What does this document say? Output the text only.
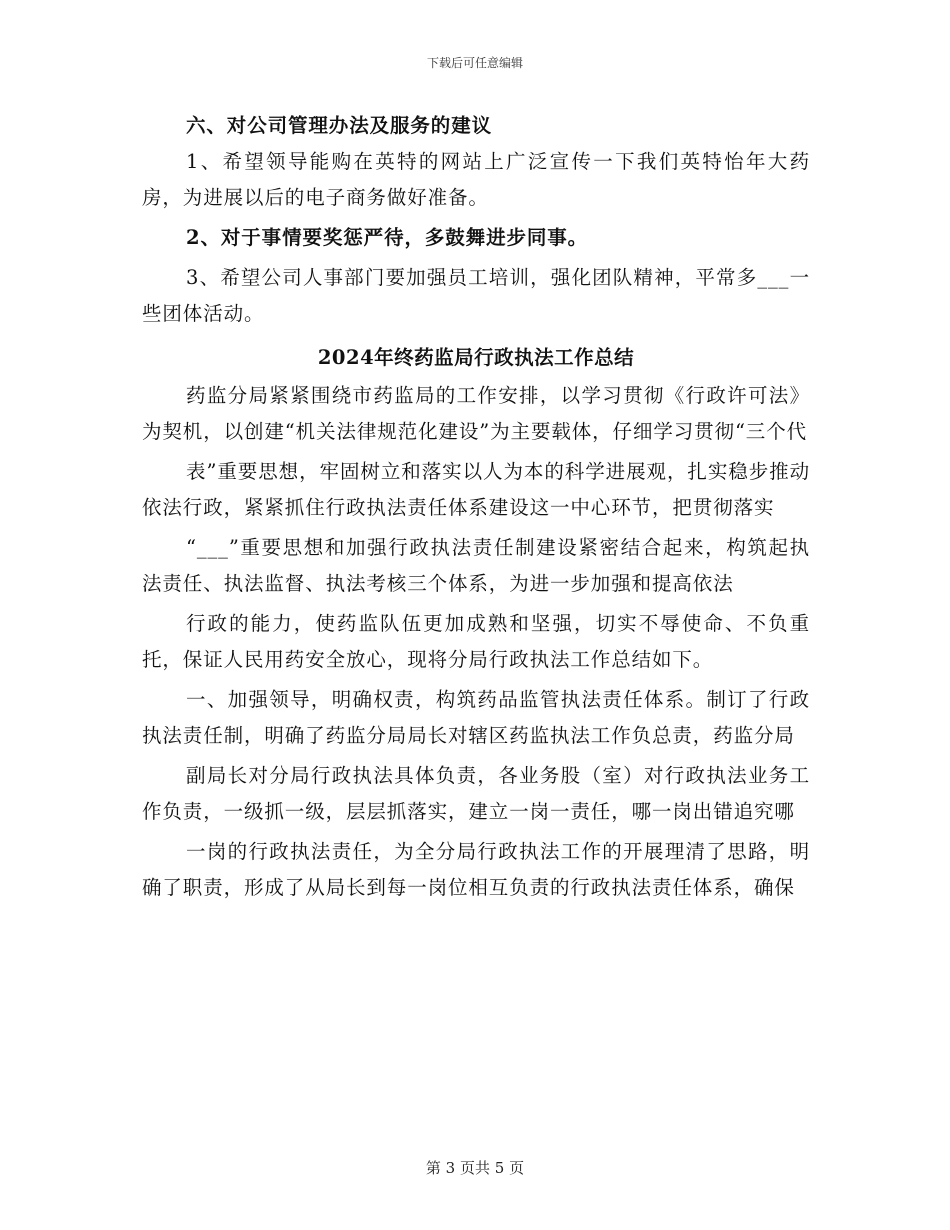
下载后可任意编辑

六、对公司管理办法及服务的建议

1、希望领导能购在英特的网站上广泛宣传一下我们英特怡年大药房，为进展以后的电子商务做好准备。

2、对于事情要奖惩严待，多鼓舞进步同事。

3、希望公司人事部门要加强员工培训，强化团队精神，平常多___一些团体活动。

2024年终药监局行政执法工作总结

药监分局紧紧围绕市药监局的工作安排，以学习贯彻《行政许可法》为契机，以创建“机关法律规范化建设”为主要载体，仔细学习贯彻“三个代

表”重要思想，牢固树立和落实以人为本的科学进展观，扎实稳步推动依法行政，紧紧抓住行政执法责任体系建设这一中心环节，把贯彻落实

“___”重要思想和加强行政执法责任制建设紧密结合起来，构筑起执法责任、执法监督、执法考核三个体系，为进一步加强和提高依法

行政的能力，使药监队伍更加成熟和坚强，切实不辱使命、不负重托，保证人民用药安全放心，现将分局行政执法工作总结如下。

一、加强领导，明确权责，构筑药品监管执法责任体系。制订了行政执法责任制，明确了药监分局局长对辖区药监执法工作负总责，药监分局

副局长对分局行政执法具体负责，各业务股（室）对行政执法业务工作负责，一级抓一级，层层抓落实，建立一岗一责任，哪一岗出错追究哪

一岗的行政执法责任，为全分局行政执法工作的开展理清了思路，明确了职责，形成了从局长到每一岗位相互负责的行政执法责任体系，确保

第 3 页共 5 页
